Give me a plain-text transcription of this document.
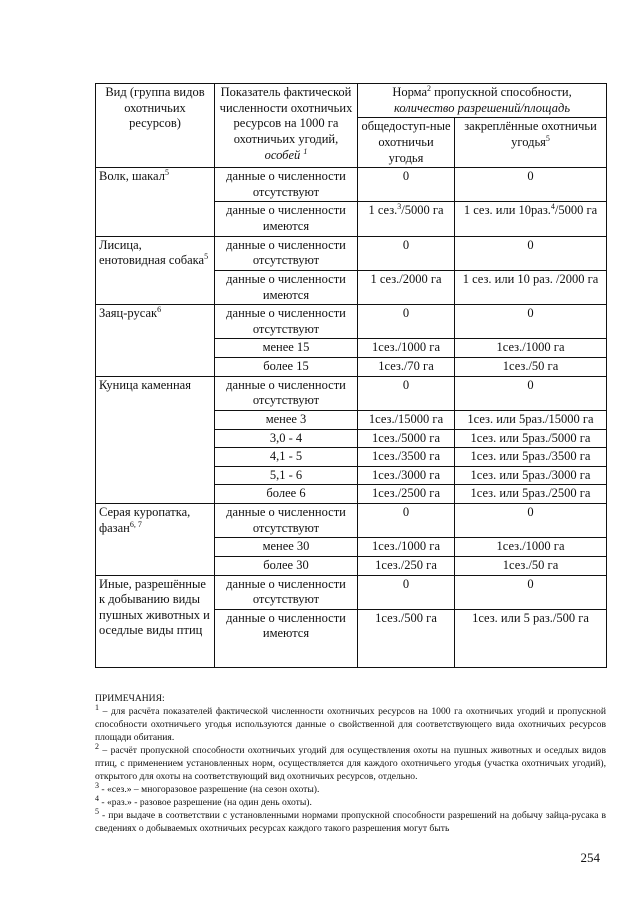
Вид (группа видов охотничьих ресурсов)	Показатель фактической численности охотничьих ресурсов на 1000 га охотничьих угодий, особей $^1$	Норма$^2$ пропускной способности,
количество разрешений/площадь	
		общедоступ-ные охотничьи угодья	закреплённые охотничьи угодья$^5$
Волк, шакал$^5$	данные о численности отсутствуют	0	0
	данные о численности имеются	1 сез.$^3$/5000 га	1 сез. или 10раз.$^4$/5000 га
Лисица, енотовидная собака$^5$	данные о численности отсутствуют	0	0
	данные о численности имеются	1 сез./2000 га	1 сез. или 10 раз. /2000 га
Заяц-русак$^6$	данные о численности отсутствуют	0	0
	менее 15	1сез./1000 га	1сез./1000 га
	более 15	1сез./70 га	1сез./50 га
Куница каменная	данные о численности отсутствуют	0	0
	менее 3	1сез./15000 га	1сез. или 5раз./15000 га
	3,0 - 4	1сез./5000 га	1сез. или 5раз./5000 га
	4,1 - 5	1сез./3500 га	1сез. или 5раз./3500 га
	5,1 - 6	1сез./3000 га	1сез. или 5раз./3000 га
	более 6	1сез./2500 га	1сез. или 5раз./2500 га
Серая куропатка, фазан$^{6, 7}$	данные о численности отсутствуют	0	0
	менее 30	1сез./1000 га	1сез./1000 га
	более 30	1сез./250 га	1сез./50 га
Иные, разрешённые к добыванию виды пушных животных и оседлые виды птиц	данные о численности отсутствуют	0	0
	данные о численности имеются	1сез./500 га	1сез. или 5 раз./500 га

ПРИМЕЧАНИЯ:

$^1$ – для расчёта показателей фактической численности охотничьих ресурсов на 1000 га охотничьих угодий и пропускной способности охотничьего угодья используются данные о свойственной для соответствующего вида охотничьих ресурсов площади обитания.

$^2$ – расчёт пропускной способности охотничьих угодий для осуществления охоты на пушных животных и оседлых видов птиц, с применением установленных норм, осуществляется для каждого охотничьего угодья (участка охотничьих угодий), открытого для охоты на соответствующий вид охотничьих ресурсов, отдельно.

$^3$ - «сез.» – многоразовое разрешение (на сезон охоты).

$^4$ - «раз.» - разовое разрешение (на один день охоты).

$^5$ - при выдаче в соответствии с установленными нормами пропускной способности разрешений на добычу зайца-русака в сведениях о добываемых охотничьих ресурсах каждого такого разрешения могут быть

254
